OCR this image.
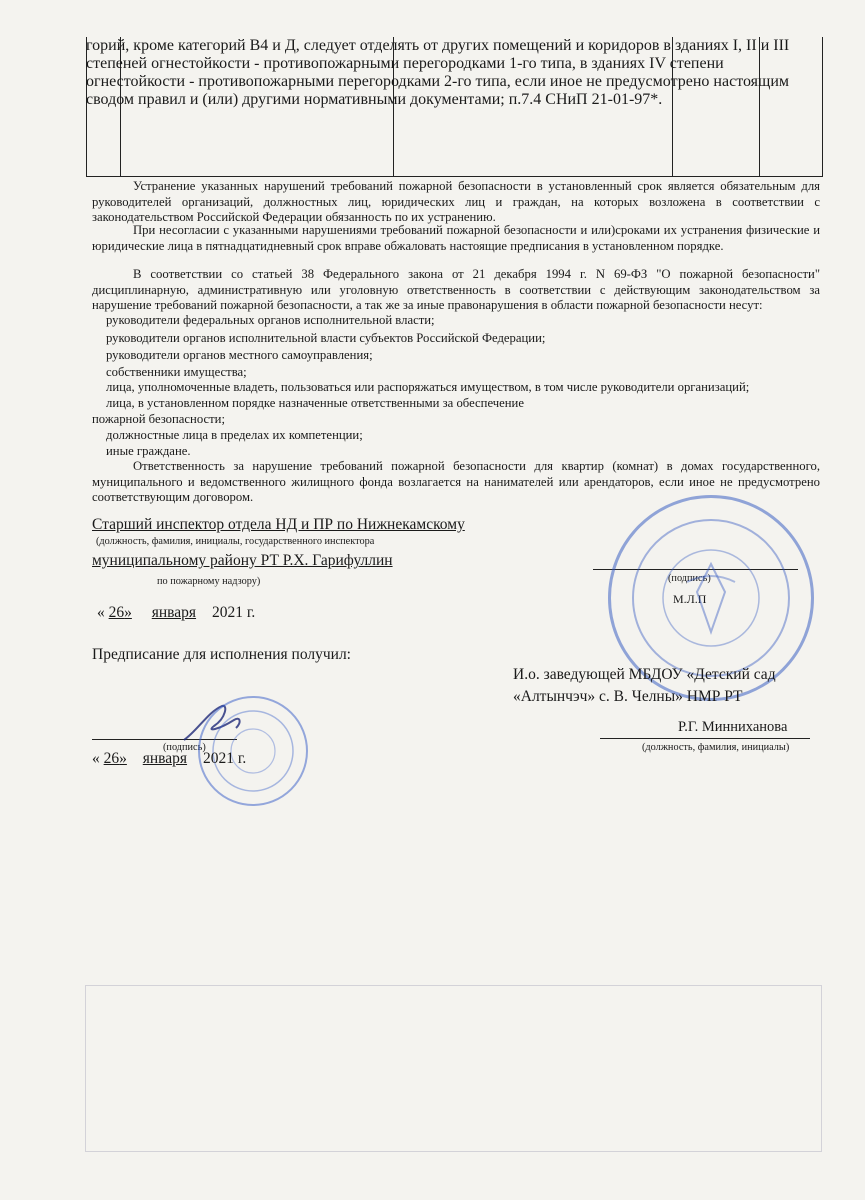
горий, кроме категорий В4 и Д, следует отделять от других помещений и коридоров в зданиях I, II и III степеней огнестойкости - противопожарными перегородками 1-го типа, в зданиях IV степени огнестойкости - противопожарными перегородками 2-го типа, если иное не предусмотрено настоящим сводом правил и (или) другими нормативными документами; п.7.4 СНиП 21-01-97*.
Устранение указанных нарушений требований пожарной безопасности в установленный срок является обязательным для руководителей организаций, должностных лиц, юридических лиц и граждан, на которых возложена в соответствии с законодательством Российской Федерации обязанность по их устранению.
При несогласии с указанными нарушениями требований пожарной безопасности и или)сроками их устранения физические и юридические лица в пятнадцатидневный срок вправе обжаловать настоящие предписания в установленном порядке.
В соответствии со статьей 38 Федерального закона от 21 декабря 1994 г. N 69-ФЗ "О пожарной безопасности" дисциплинарную, административную или уголовную ответственность в соответствии с действующим законодательством за нарушение требований пожарной безопасности, а так же за иные правонарушения в области пожарной безопасности несут:
руководители федеральных органов исполнительной власти;
руководители органов исполнительной власти субъектов Российской Федерации;
руководители органов местного самоуправления;
собственники имущества;
лица, уполномоченные владеть, пользоваться или распоряжаться имуществом, в том числе руководители организаций;
лица, в установленном порядке назначенные ответственными за обеспечение
пожарной безопасности;
должностные лица в пределах их компетенции;
иные граждане.
Ответственность за нарушение требований пожарной безопасности для квартир (комнат) в домах государственного, муниципального и ведомственного жилищного фонда возлагается на нанимателей или арендаторов, если иное не предусмотрено соответствующим договором.
Старший инспектор отдела НД и ПР по Нижнекамскому
(должность, фамилия, инициалы, государственного инспектора
муниципальному району РТ Р.Х. Гарифуллин
по пожарному надзору)	(подпись)
М.Л.П
« 26» января 2021 г.
Предписание для исполнения получил:
И.о. заведующей МБДОУ «Детский сад
«Алтынчэч» с. В. Челны» НМР РТ
(подпись)
Р.Г. Минниханова
(должность, фамилия, инициалы)
« 26» января 2021 г.
